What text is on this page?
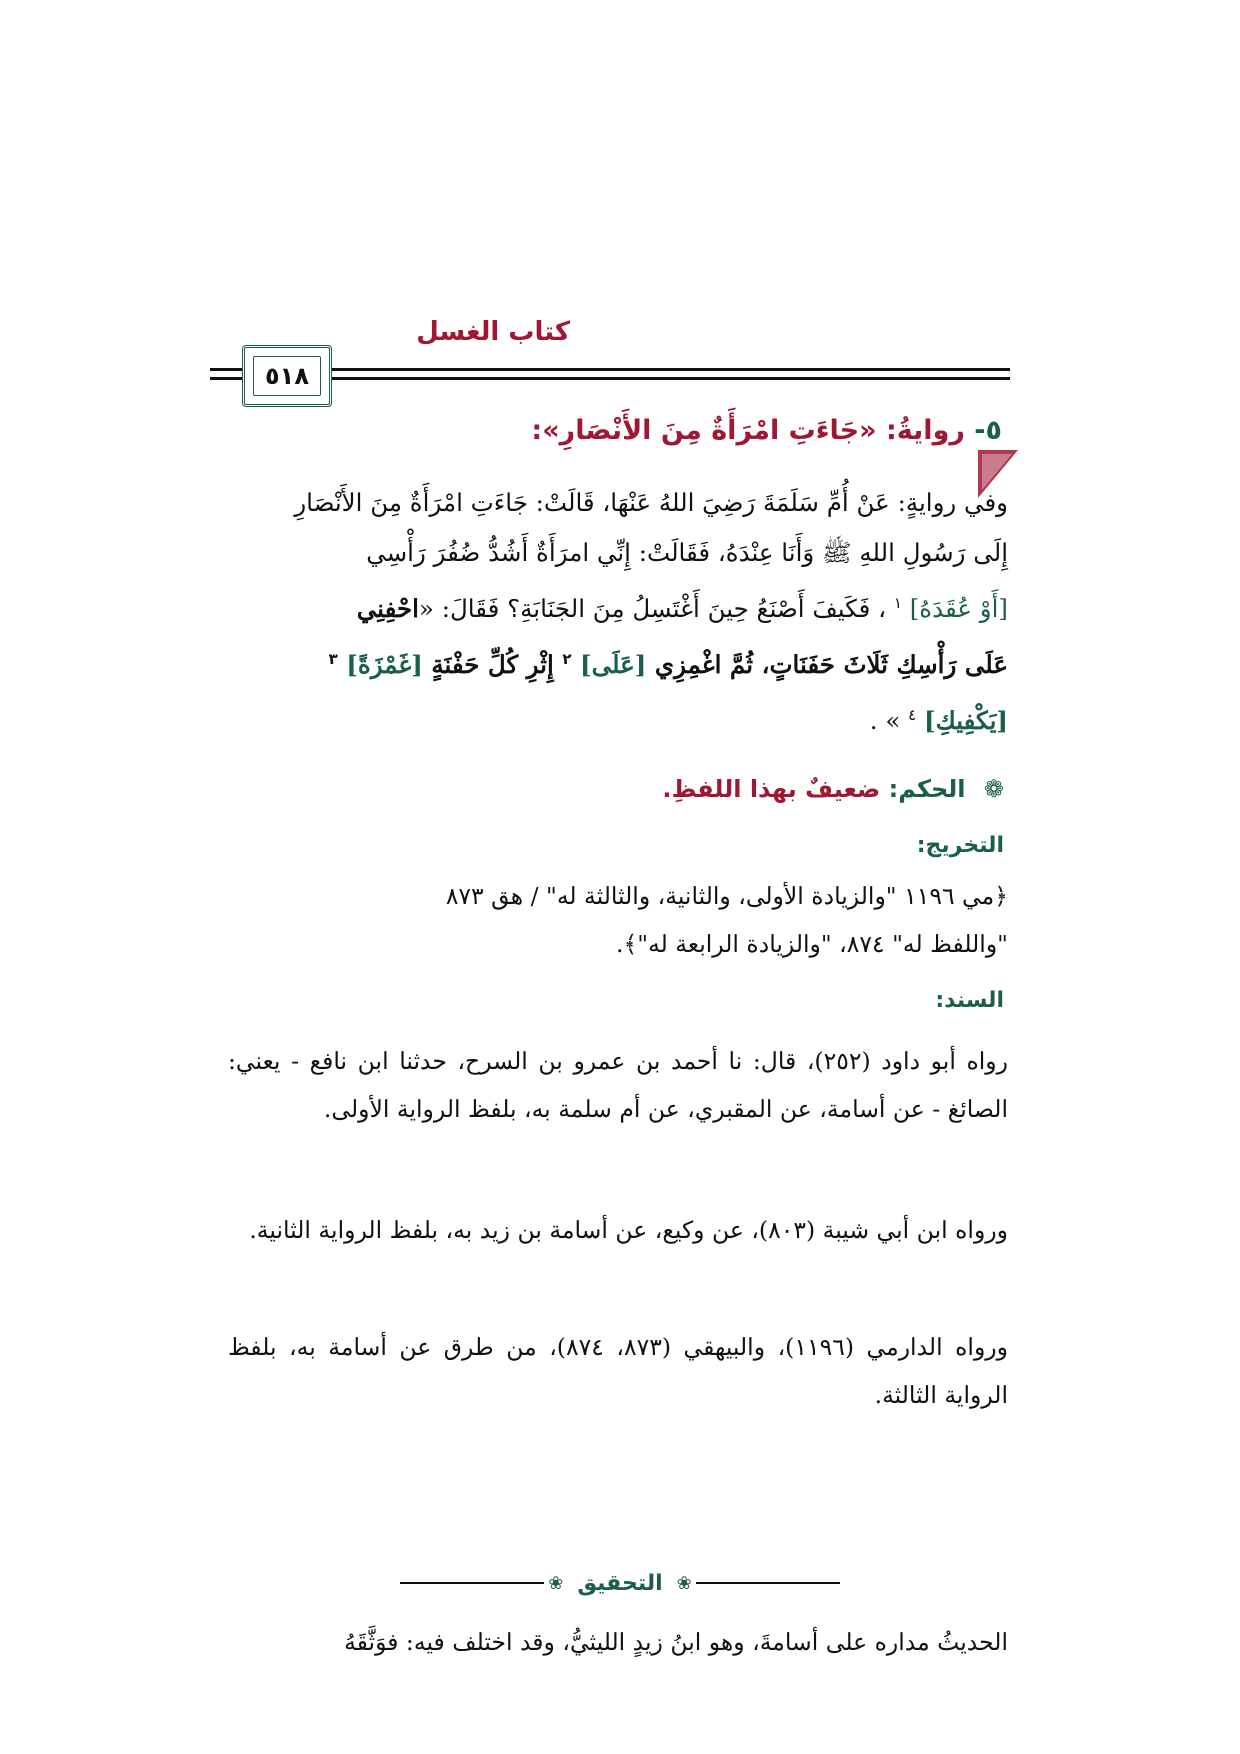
كتاب الغسل
٥١٨
٥- روايةُ: «جَاءَتِ امْرَأَةٌ مِنَ الأَنْصَارِ»:

وفي روايةٍ: عَنْ أُمِّ سَلَمَةَ رَضِيَ اللهُ عَنْهَا، قَالَتْ: جَاءَتِ امْرَأَةٌ مِنَ الأَنْصَارِ

إِلَى رَسُولِ اللهِ ﷺ وَأَنَا عِنْدَهُ، فَقَالَتْ: إِنِّي امرَأَةٌ أَشُدُّ ضُفُرَ رَأْسِي

[أَوْ عُقَدَهُ] $^١$ ، فَكَيفَ أَصْنَعُ حِينَ أَغْتَسِلُ مِنَ الجَنَابَةِ؟ فَقَالَ: «احْفِنِي

عَلَى رَأْسِكِ ثَلَاثَ حَفَنَاتٍ، ثُمَّ اغْمِزِي [عَلَى] $^٢$ إِثْرِ كُلِّ حَفْنَةٍ [غَمْزَةً] $^٣$

[يَكْفِيكِ] $^٤$ » .

❁ الحكم: ضعيفٌ بهذا اللفظِ.
التخريج:

﴿مي ١١٩٦ "والزيادة الأولى، والثانية، والثالثة له" / هق ٨٧٣

"واللفظ له" ٨٧٤، "والزيادة الرابعة له"﴾.

السند:

رواه أبو داود (٢٥٢)، قال: نا أحمد بن عمرو بن السرح، حدثنا ابن نافع - يعني: الصائغ - عن أسامة، عن المقبري، عن أم سلمة به، بلفظ الرواية الأولى.

ورواه ابن أبي شيبة (٨٠٣)، عن وكيع، عن أسامة بن زيد به، بلفظ الرواية الثانية.

ورواه الدارمي (١١٩٦)، والبيهقي (٨٧٣، ٨٧٤)، من طرق عن أسامة به، بلفظ الرواية الثالثة.

❀
التحقيق
❀

الحديثُ مداره على أسامةَ، وهو ابنُ زيدٍ الليثيُّ، وقد اختلف فيه: فوَثَّقَهُ
